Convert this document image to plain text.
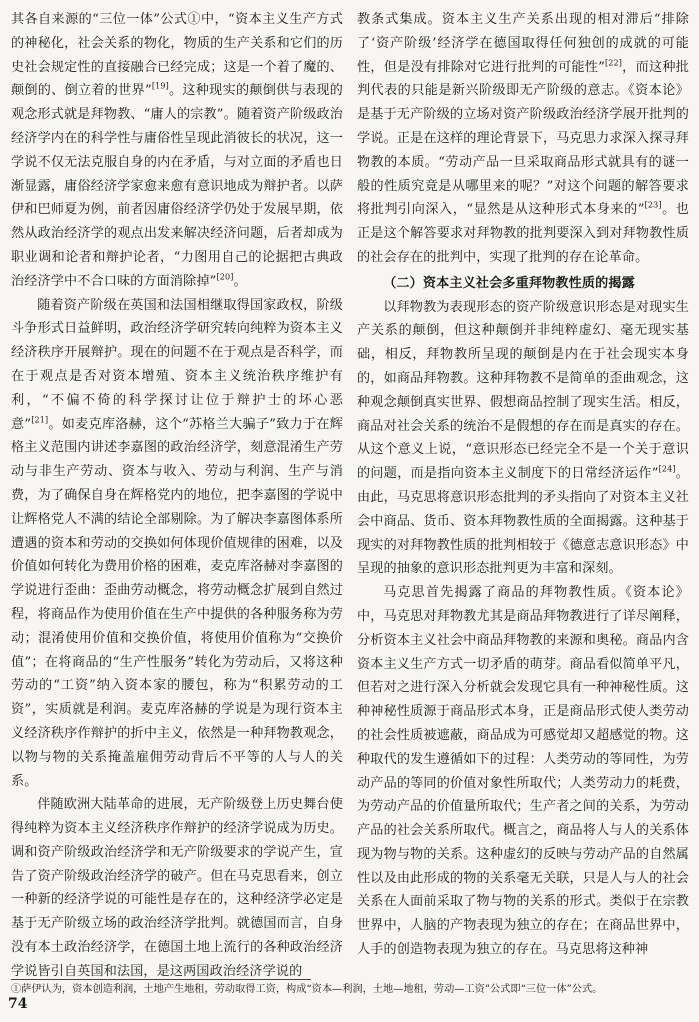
其各自来源的“三位一体”公式①中，“资本主义生产方式的神秘化，社会关系的物化，物质的生产关系和它们的历史社会规定性的直接融合已经完成；这是一个着了魔的、颠倒的、倒立着的世界”[19]。这种现实的颠倒供与表现的观念形式就是拜物教、“庸人的宗教”。随着资产阶级政治经济学内在的科学性与庸俗性呈现此消彼长的状况，这一学说不仅无法克服自身的内在矛盾，与对立面的矛盾也日渐显露，庸俗经济学家愈来愈有意识地成为辩护者。以萨伊和巴师夏为例，前者因庸俗经济学仍处于发展早期，依然从政治经济学的观点出发来解决经济问题，后者却成为职业调和论者和辩护论者，“力图用自己的论据把古典政治经济学中不合口味的方面消除掉”[20]。

随着资产阶级在英国和法国相继取得国家政权，阶级斗争形式日益鲜明，政治经济学研究转向纯粹为资本主义经济秩序开展辩护。现在的问题不在于观点是否科学，而在于观点是否对资本增殖、资本主义统治秩序维护有利，“不偏不倚的科学探讨让位于辩护士的坏心恶意”[21]。如麦克库洛赫，这个“苏格兰大骗子”致力于在辉格主义范围内讲述李嘉图的政治经济学，刻意混淆生产劳动与非生产劳动、资本与收入、劳动与利润、生产与消费，为了确保自身在辉格党内的地位，把李嘉图的学说中让辉格党人不满的结论全部剔除。为了解决李嘉图体系所遭遇的资本和劳动的交换如何体现价值规律的困难，以及价值如何转化为费用价格的困难，麦克库洛赫对李嘉图的学说进行歪曲：歪曲劳动概念，将劳动概念扩展到自然过程，将商品作为使用价值在生产中提供的各种服务称为劳动；混淆使用价值和交换价值，将使用价值称为“交换价值”；在将商品的“生产性服务”转化为劳动后，又将这种劳动的“工资”纳入资本家的腰包，称为“积累劳动的工资”，实质就是利润。麦克库洛赫的学说是为现行资本主义经济秩序作辩护的折中主义，依然是一种拜物教观念，以物与物的关系掩盖雇佣劳动背后不平等的人与人的关系。

伴随欧洲大陆革命的进展，无产阶级登上历史舞台使得纯粹为资本主义经济秩序作辩护的经济学说成为历史。调和资产阶级政治经济学和无产阶级要求的学说产生，宣告了资产阶级政治经济学的破产。但在马克思看来，创立一种新的经济学说的可能性是存在的，这种经济学必定是基于无产阶级立场的政治经济学批判。就德国而言，自身没有本土政治经济学，在德国土地上流行的各种政治经济学说皆引自英国和法国，是这两国政治经济学说的

教条式集成。资本主义生产关系出现的相对滞后“排除了‘资产阶级’经济学在德国取得任何独创的成就的可能性，但是没有排除对它进行批判的可能性”[22]，而这种批判代表的只能是新兴阶级即无产阶级的意志。《资本论》是基于无产阶级的立场对资产阶级政治经济学展开批判的学说。正是在这样的理论背景下，马克思力求深入探寻拜物教的本质。“劳动产品一旦采取商品形式就具有的谜一般的性质究竟是从哪里来的呢？”对这个问题的解答要求将批判引向深入，“显然是从这种形式本身来的”[23]。也正是这个解答要求对拜物教的批判要深入到对拜物教性质的社会存在的批判中，实现了批判的存在论革命。

（二）资本主义社会多重拜物教性质的揭露

以拜物教为表现形态的资产阶级意识形态是对现实生产关系的颠倒，但这种颠倒并非纯粹虚幻、毫无现实基础，相反，拜物教所呈现的颠倒是内在于社会现实本身的，如商品拜物教。这种拜物教不是简单的歪曲观念，这种观念颠倒真实世界、假想商品控制了现实生活。相反，商品对社会关系的统治不是假想的存在而是真实的存在。从这个意义上说，“意识形态已经完全不是一个关于意识的问题，而是指向资本主义制度下的日常经济运作”[24]。由此，马克思将意识形态批判的矛头指向了对资本主义社会中商品、货币、资本拜物教性质的全面揭露。这种基于现实的对拜物教性质的批判相较于《德意志意识形态》中呈现的抽象的意识形态批判更为丰富和深刻。

马克思首先揭露了商品的拜物教性质。《资本论》中，马克思对拜物教尤其是商品拜物教进行了详尽阐释，分析资本主义社会中商品拜物教的来源和奥秘。商品内含资本主义生产方式一切矛盾的萌芽。商品看似简单平凡，但若对之进行深入分析就会发现它具有一种神秘性质。这种神秘性质源于商品形式本身，正是商品形式使人类劳动的社会性质被遮蔽，商品成为可感觉却又超感觉的物。这种取代的发生遵循如下的过程：人类劳动的等同性，为劳动产品的等同的价值对象性所取代；人类劳动力的耗费，为劳动产品的价值量所取代；生产者之间的关系，为劳动产品的社会关系所取代。概言之，商品将人与人的关系体现为物与物的关系。这种虚幻的反映与劳动产品的自然属性以及由此形成的物的关系毫无关联，只是人与人的社会关系在人面前采取了物与物的关系的形式。类似于在宗教世界中，人脑的产物表现为独立的存在；在商品世界中，人手的创造物表现为独立的存在。马克思将这种神

①萨伊认为，资本创造利润，土地产生地租，劳动取得工资，构成“资本—利润，土地—地租，劳动—工资”公式即“三位一体”公式。
74
